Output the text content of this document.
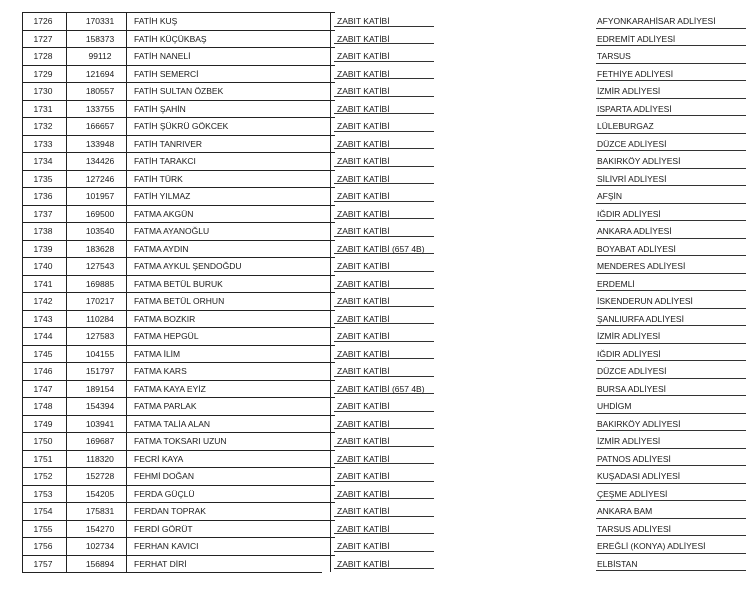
1726	170331	FATİH KUŞ	ZABIT KATİBİ	AFYONKARAHİSAR ADLİYESİ
1727	158373	FATİH KÜÇÜKBAŞ	ZABIT KATİBİ	EDREMİT ADLİYESİ
1728	99112	FATİH NANELİ	ZABIT KATİBİ	TARSUS
1729	121694	FATİH SEMERCİ	ZABIT KATİBİ	FETHİYE ADLİYESİ
1730	180557	FATİH SULTAN ÖZBEK	ZABIT KATİBİ	İZMİR ADLİYESİ
1731	133755	FATİH ŞAHİN	ZABIT KATİBİ	ISPARTA ADLİYESİ
1732	166657	FATİH ŞÜKRÜ GÖKCEK	ZABIT KATİBİ	LÜLEBURGAZ
1733	133948	FATİH TANRIVER	ZABIT KATİBİ	DÜZCE ADLİYESİ
1734	134426	FATİH TARAKCI	ZABIT KATİBİ	BAKIRKÖY ADLİYESİ
1735	127246	FATİH TÜRK	ZABIT KATİBİ	SİLİVRİ ADLİYESİ
1736	101957	FATİH YILMAZ	ZABIT KATİBİ	AFŞİN
1737	169500	FATMA AKGÜN	ZABIT KATİBİ	IĞDIR ADLİYESİ
1738	103540	FATMA AYANOĞLU	ZABIT KATİBİ	ANKARA ADLİYESİ
1739	183628	FATMA AYDIN	ZABIT KATİBİ (657 4B)	BOYABAT ADLİYESİ
1740	127543	FATMA AYKUL ŞENDOĞDU	ZABIT KATİBİ	MENDERES ADLİYESİ
1741	169885	FATMA BETÜL BURUK	ZABIT KATİBİ	ERDEMLİ
1742	170217	FATMA BETÜL ORHUN	ZABIT KATİBİ	İSKENDERUN ADLİYESİ
1743	110284	FATMA BOZKIR	ZABIT KATİBİ	ŞANLIURFA ADLİYESİ
1744	127583	FATMA HEPGÜL	ZABIT KATİBİ	İZMİR ADLİYESİ
1745	104155	FATMA İLİM	ZABIT KATİBİ	IĞDIR ADLİYESİ
1746	151797	FATMA KARS	ZABIT KATİBİ	DÜZCE ADLİYESİ
1747	189154	FATMA KAYA EYİZ	ZABIT KATİBİ (657 4B)	BURSA ADLİYESİ
1748	154394	FATMA PARLAK	ZABIT KATİBİ	UHDİGM
1749	103941	FATMA TALİA ALAN	ZABIT KATİBİ	BAKIRKÖY ADLİYESİ
1750	169687	FATMA TOKSARI UZUN	ZABIT KATİBİ	İZMİR ADLİYESİ
1751	118320	FECRİ KAYA	ZABIT KATİBİ	PATNOS ADLİYESİ
1752	152728	FEHMİ DOĞAN	ZABIT KATİBİ	KUŞADASI ADLİYESİ
1753	154205	FERDA GÜÇLÜ	ZABIT KATİBİ	ÇEŞME ADLİYESİ
1754	175831	FERDAN TOPRAK	ZABIT KATİBİ	ANKARA BAM
1755	154270	FERDİ GÖRÜT	ZABIT KATİBİ	TARSUS ADLİYESİ
1756	102734	FERHAN KAVICI	ZABIT KATİBİ	EREĞLİ (KONYA) ADLİYESİ
1757	156894	FERHAT DİRİ	ZABIT KATİBİ	ELBİSTAN
